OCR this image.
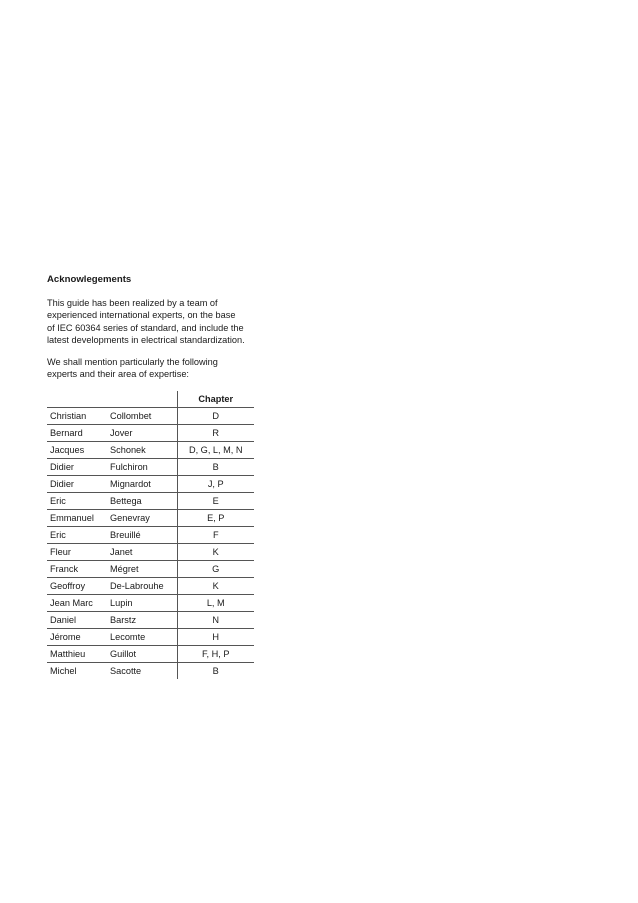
Acknowlegements

This guide has been realized by a team of
experienced international experts, on the base
of IEC 60364 series of standard, and include the
latest developments in electrical standardization.

We shall mention particularly the following
experts and their area of expertise:

		Chapter
Christian	Collombet	D
Bernard	Jover	R
Jacques	Schonek	D, G, L, M, N
Didier	Fulchiron	B
Didier	Mignardot	J, P
Eric	Bettega	E
Emmanuel	Genevray	E, P
Eric	Breuillé	F
Fleur	Janet	K
Franck	Mégret	G
Geoffroy	De-Labrouhe	K
Jean Marc	Lupin	L, M
Daniel	Barstz	N
Jérome	Lecomte	H
Matthieu	Guillot	F, H, P
Michel	Sacotte	B
